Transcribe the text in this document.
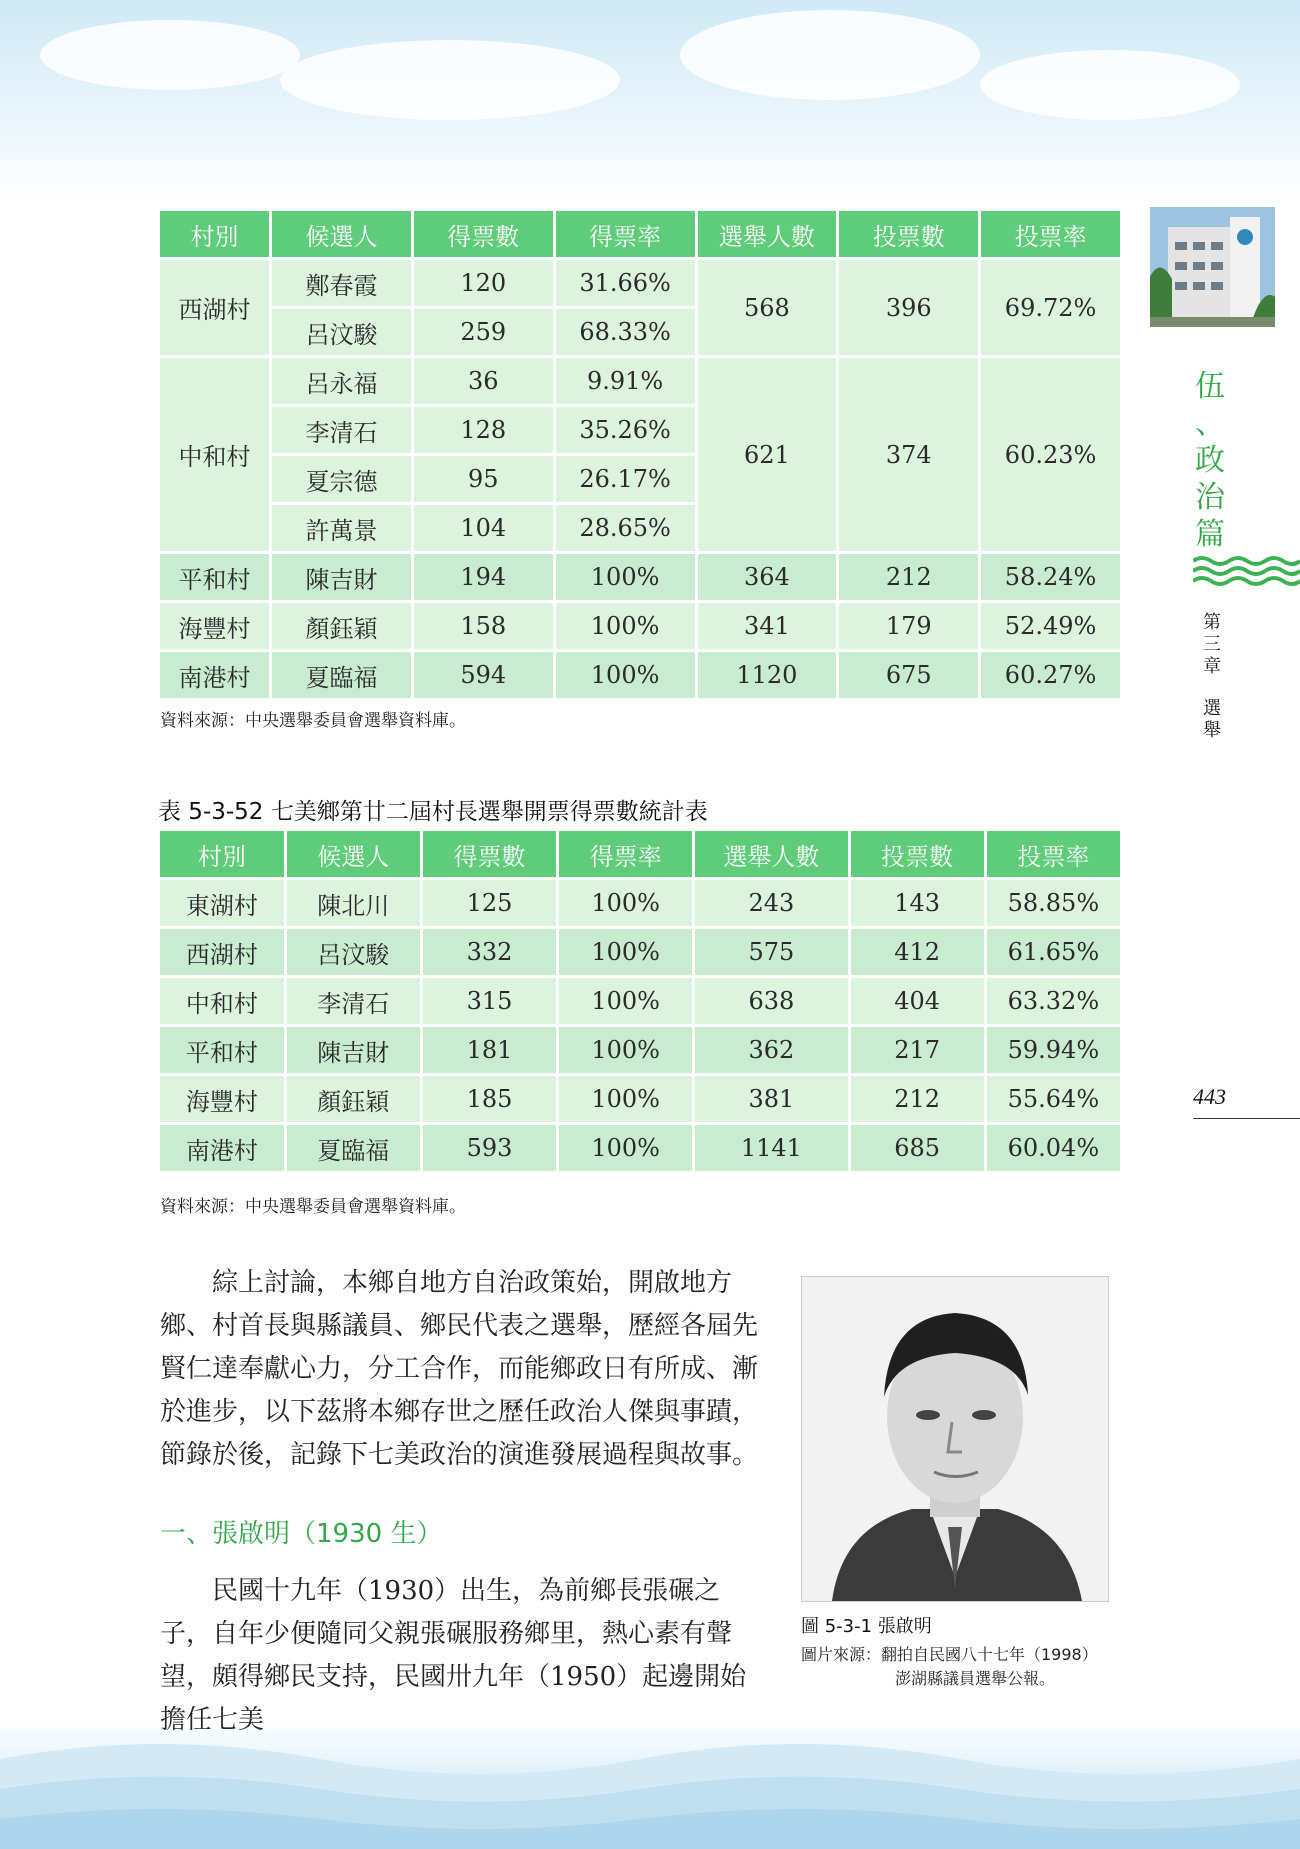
村別	候選人	得票數	得票率	選舉人數	投票數	投票率
西湖村	鄭春霞	120	31.66%	568	396	69.72%
	呂汶駿	259	68.33%			
中和村	呂永福	36	9.91%	621	374	60.23%
	李清石	128	35.26%			
	夏宗德	95	26.17%			
	許萬景	104	28.65%			
平和村	陳吉財	194	100%	364	212	58.24%
海豐村	顏鈺穎	158	100%	341	179	52.49%
南港村	夏臨福	594	100%	1120	675	60.27%
資料來源：中央選舉委員會選舉資料庫。
表 5-3-52 七美鄉第廿二屆村長選舉開票得票數統計表
村別	候選人	得票數	得票率	選舉人數	投票數	投票率
東湖村	陳北川	125	100%	243	143	58.85%
西湖村	呂汶駿	332	100%	575	412	61.65%
中和村	李清石	315	100%	638	404	63.32%
平和村	陳吉財	181	100%	362	217	59.94%
海豐村	顏鈺穎	185	100%	381	212	55.64%
南港村	夏臨福	593	100%	1141	685	60.04%
資料來源：中央選舉委員會選舉資料庫。

綜上討論，本鄉自地方自治政策始，開啟地方鄉、村首長與縣議員、鄉民代表之選舉，歷經各屆先賢仁達奉獻心力，分工合作，而能鄉政日有所成、漸於進步，以下茲將本鄉存世之歷任政治人傑與事蹟，節錄於後，記錄下七美政治的演進發展過程與故事。

一、張啟明（1930 生）

民國十九年（1930）出生，為前鄉長張碾之子，自年少便隨同父親張碾服務鄉里，熱心素有聲望，頗得鄉民支持，民國卅九年（1950）起邊開始擔任七美

圖 5-3-1 張啟明
圖片來源：翻拍自民國八十七年（1998）
澎湖縣議員選舉公報。
伍
、
政
治
篇
第
三
章
選
舉
443
